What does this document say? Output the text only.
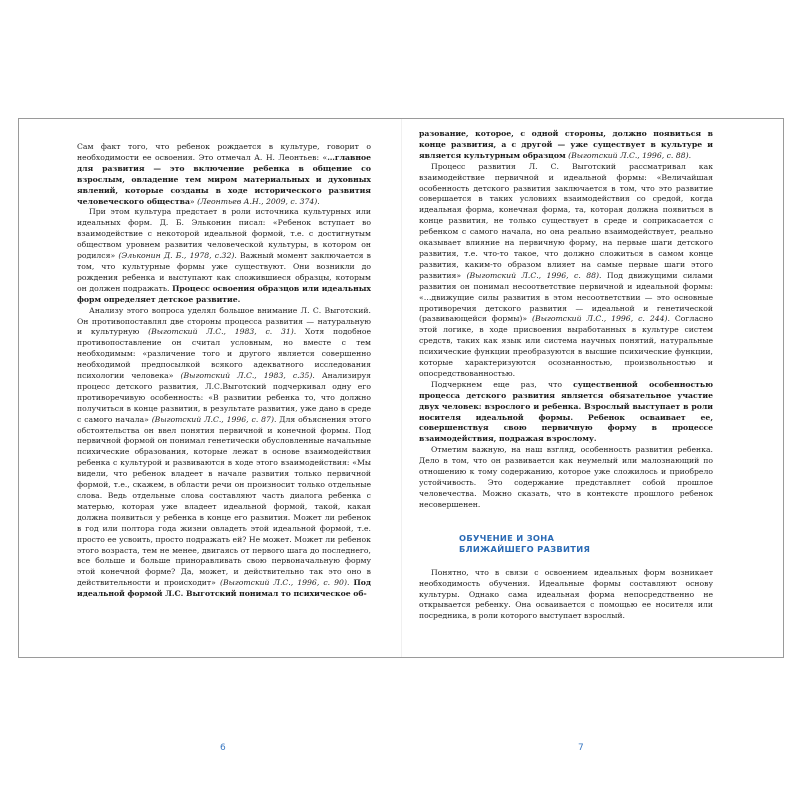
Сам факт того, что ребенок рождается в культуре, говорит о необходимости ее освоения. Это отмечал А. Н. Леонтьев: «…главное для развития — это включение ребенка в общение со взрослым, овладение тем миром материальных и духовных явлений, которые созданы в ходе исторического развития человеческого общества» (Леонтьев А.Н., 2009, с. 374).

При этом культура предстает в роли источника культурных или идеальных форм. Д. Б. Эльконин писал: «Ребенок вступает во взаимодействие с некоторой идеальной формой, т.е. с достигнутым обществом уровнем развития человеческой культуры, в котором он родился» (Эльконин Д. Б., 1978, с.32). Важный момент заключается в том, что культурные формы уже существуют. Они возникли до рождения ребенка и выступают как сложившиеся образцы, которым он должен подражать. Процесс освоения образцов или идеальных форм определяет детское развитие.

Анализу этого вопроса уделял большое внимание Л. С. Выготский. Он противопоставлял две стороны процесса развития — натуральную и культурную (Выготский Л.С., 1983, с. 31). Хотя подобное противопоставление он считал условным, но вместе с тем необходимым: «различение того и другого является совершенно необходимой предпосылкой всякого адекватного исследования психологии человека» (Выготский Л.С., 1983, с.35). Анализируя процесс детского развития, Л.С.Выготский подчеркивал одну его противоречивую особенность: «В развитии ребенка то, что должно получиться в конце развития, в результате развития, уже дано в среде с самого начала» (Выготский Л.С., 1996, с. 87). Для объяснения этого обстоятельства он ввел понятия первичной и конечной формы. Под первичной формой он понимал генетически обусловленные начальные психические образования, которые лежат в основе взаимодействия ребенка с культурой и развиваются в ходе этого взаимодействия: «Мы видели, что ребенок владеет в начале развития только первичной формой, т.е., скажем, в области речи он произносит только отдельные слова. Ведь отдельные слова составляют часть диалога ребенка с матерью, которая уже владеет идеальной формой, такой, какая должна появиться у ребенка в конце его развития. Может ли ребенок в год или полтора года жизни овладеть этой идеальной формой, т.е. просто ее усвоить, просто подражать ей? Не может. Может ли ребенок этого возраста, тем не менее, двигаясь от первого шага до последнего, все больше и больше приноравливать свою первоначальную форму этой конечной форме? Да, может, и действительно так это оно в действительности и происходит» (Выготский Л.С., 1996, с. 90). Под идеальной формой Л.С. Выготский понимал то психическое об-

разование, которое, с одной стороны, должно появиться в конце развития, а с другой — уже существует в культуре и является культурным образцом (Выготский Л.С., 1996, с. 88).

Процесс развития Л. С. Выготский рассматривал как взаимодействие первичной и идеальной формы: «Величайшая особенность детского развития заключается в том, что это развитие совершается в таких условиях взаимодействия со средой, когда идеальная форма, конечная форма, та, которая должна появиться в конце развития, не только существует в среде и соприкасается с ребенком с самого начала, но она реально взаимодействует, реально оказывает влияние на первичную форму, на первые шаги детского развития, т.е. что-то такое, что должно сложиться в самом конце развития, каким-то образом влияет на самые первые шаги этого развития» (Выготский Л.С., 1996, с. 88). Под движущими силами развития он понимал несоответствие первичной и идеальной формы: «…движущие силы развития в этом несоответствии — это основные противоречия детского развития — идеальной и генетической (развивающейся формы)» (Выготский Л.С., 1996, с. 244). Согласно этой логике, в ходе присвоения выработанных в культуре систем средств, таких как язык или система научных понятий, натуральные психические функции преобразуются в высшие психические функции, которые характеризуются осознанностью, произвольностью и опосредствованностью.

Подчеркнем еще раз, что существенной особенностью процесса детского развития является обязательное участие двух человек: взрослого и ребенка. Взрослый выступает в роли носителя идеальной формы. Ребенок осваивает ее, совершенствуя свою первичную форму в процессе взаимодействия, подражая взрослому.

Отметим важную, на наш взгляд, особенность развития ребенка. Дело в том, что он развивается как неумелый или малознающий по отношению к тому содержанию, которое уже сложилось и приобрело устойчивость. Это содержание представляет собой прошлое человечества. Можно сказать, что в контексте прошлого ребенок несовершенен.

ОБУЧЕНИЕ И ЗОНА
БЛИЖАЙШЕГО РАЗВИТИЯ

Понятно, что в связи с освоением идеальных форм возникает необходимость обучения. Идеальные формы составляют основу культуры. Однако сама идеальная форма непосредственно не открывается ребенку. Она осваивается с помощью ее носителя или посредника, в роли которого выступает взрослый.

6	7
